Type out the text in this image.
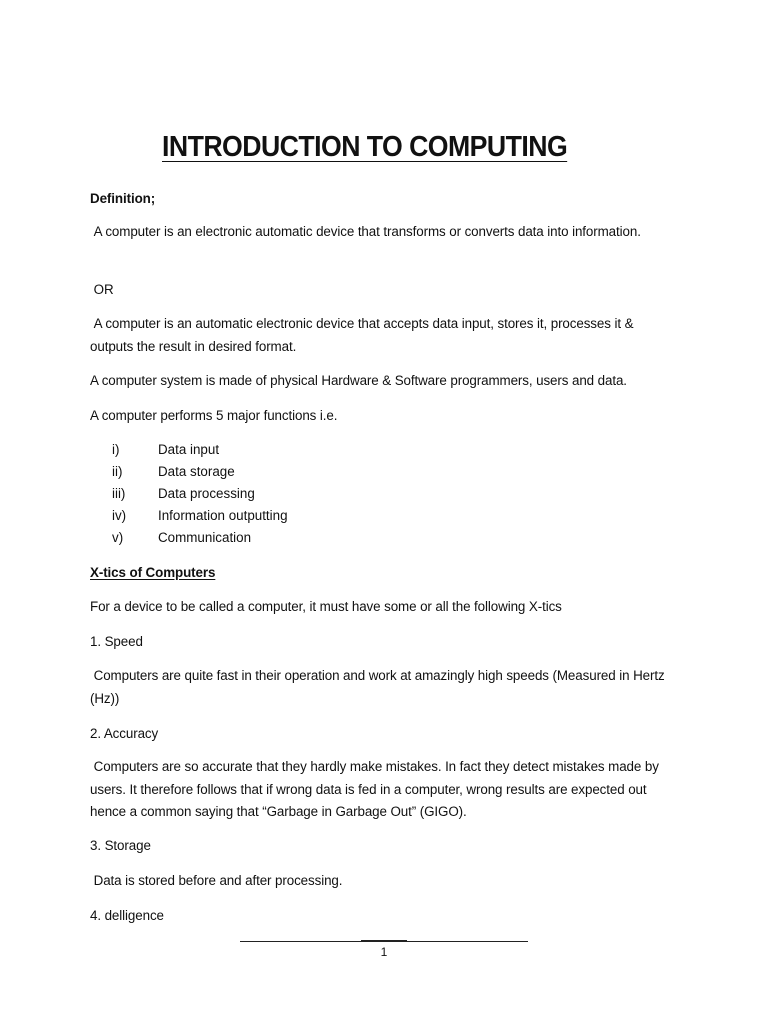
INTRODUCTION TO COMPUTING

Definition;

A computer is an electronic automatic device that transforms or converts data into information.

OR

A computer is an automatic electronic device that accepts data input, stores it, processes it & outputs the result in desired format.

A computer system is made of physical Hardware & Software programmers, users and data.

A computer performs 5 major functions i.e.

i)	Data input
ii)	Data storage
iii)	Data processing
iv)	Information outputting
v)	Communication

X-tics of Computers

For a device to be called a computer, it must have some or all the following X-tics

1. Speed

Computers are quite fast in their operation and work at amazingly high speeds (Measured in Hertz (Hz))

2. Accuracy

Computers are so accurate that they hardly make mistakes. In fact they detect mistakes made by users. It therefore follows that if wrong data is fed in a computer, wrong results are expected out hence a common saying that “Garbage in Garbage Out” (GIGO).

3. Storage

Data is stored before and after processing.

4. delligence

1
